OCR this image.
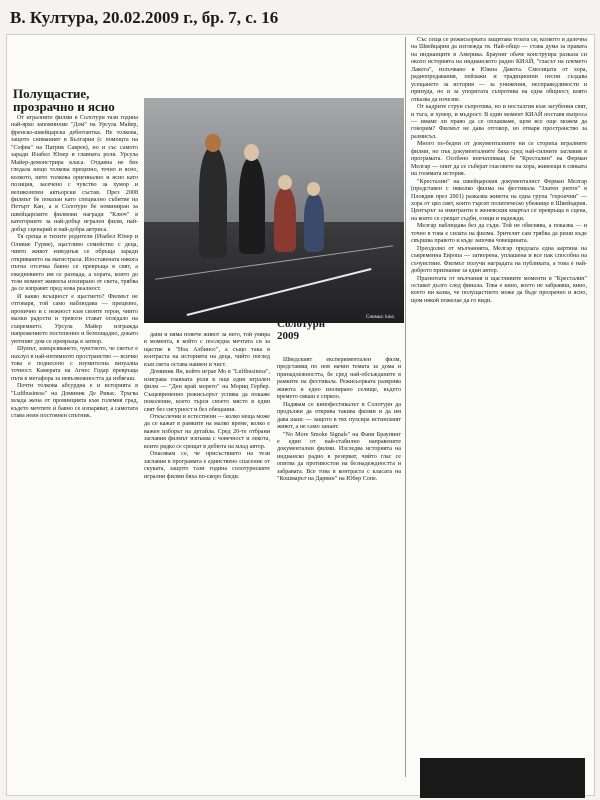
В. Култура, 20.02.2009 г., бр. 7, с. 16
Полущастие,
прозрачно и ясно

От игралните филми в Солотурн тази година най-ярко запомнихме "Дом" на Урсула Майер, френско-швейцарска дебютантка. Не толкова, защото сниманият в България (с помощта на "Софиа" на Патрик Саврев), но и със самото заради Изабел Юпер в главната роля. Урсула Майер-демонстрира класа. Отдавна не бях гледала нещо толкова прецизно, точно и ясно, колкото, нито толкова оригинално и ясно като позиция, засечено с чувство за хумор и великолепен актьорски състав. През 2008 филмът бе показан като специално събитие на Нетърт Кан, а в Солотурн бе номиниран за швейцарските филмови награди "Ключ" в категориите за най-добър игрален филм, най-добър сценарий и най-добра актриса.

Тя среща и тихите родители (Изабел Юпер и Оливие Гурме), щастливо семейство с деца, чиито живот изведнъж се обръща заради откриването на магистрала. Изоставената някога пътна отсечка бавно се превръща в свят, а ежедневието им се разпада, а хората, които до този момент живееха изолирано от света, трябва да се изправят пред нова реалност.

И какво всъщност е щастието? Филмът не отговаря, той само наблюдава — прецизно, иронично и с нежност към своите герои, чиито малки радости и тревоги стават огледало на съвремието. Урсула Майер изгражда напрежението постепенно и безпощадно, докато уютният дом се превръща в затвор.

Шумът, замърсяването, чувството, че светът е нахлул в най-интимното пространство — всичко това е поднесено с изумителна визуална точност. Камерата на Агнес Годар превръща пътя в метафора за невъзможността да избягаш.

Почти толкова абсурдна е и историята в "Luftbusiness" на Доминик Де Ривас. Тръгва млада жена от провинцията към големия град, където мечтите ѝ бавно се изпаряват, а самотата става неин постоянен спътник.

Снимка: kino

дани и няма повече живот за него, той умира в момента, в който с последна мечтата си за щастие в "Ноа Албинос", а също така в контраста на историята на деца, чийто поглед към света остава наивен и чист.

Доминик Ян, който играе Мо в "Luftbusiness", изиграва главната роля в още един игрален филм — "Ден край морето" на Мориц Гербер. Същевременно режисьорът успява да покаже поколение, което търси своето място в един свят без сигурност и без обещания.

Откъслечни и естествени — колко неща може да се кажат в рамките на малко време, колко е важен изборът на детайла. Сред 20-те отбрани заглавия филмът изпъква с човечност и лекота, които рядко се срещат в дебюта на млад автор.

Опасявам се, че присъствието на тези заглавия в програмата е единствено спасение от скуката, защото тази година солотурнските игрални филми бяха по-скоро бледи.

Солотурн'
2009

Шведският експериментален филм, представящ по нов начин темата за дома и принадлежността, бе сред най-обсъжданите в рамките на фестивала. Режисьорката разкрива живота в едно изолирано селище, където времето сякаш е спряло.

Надявам се кинофестивалът в Солотурн да продължи да открива такива филми и да им дава шанс — защото в тях пулсира истинският живот, а не само занаят.

"No More Smoke Signals" на Фани Браунинг е един от най-стабилно направените документални филми. Изследва историята на индианско радио в резерват, чийто глас се опитва да противостои на безнадеждността и забравата. Все това в контраста с класата на "Кошмарът на Дарвин" на Юбер Сопе.

Със сеща се режисьорката защитава тезата си, колкото и далечна на Швейцария да изглежда тя. Най-общо — става дума за правата на индианците в Америка. Брауниг обаче конструира разказа си около историята на индианското радио КИАЙ, "гласът на племето Лакота", излъчвано в Южна Дакота. Смесицата от хора, радиопредавания, пейзажи и традиционни песни създава усещането за история — за унижения, несправедливости и принуда, но и за упоритата съпротива на една общност, която отказва да изчезне.

От кадрите струи съпротива, но и носталгия към загубения свят, и тъга, и хумор, и мъдрост. В един момент КИАЙ поставя въпроса — имаме ли право да се оплакваме, щом все още можем да говорим? Филмът не дава отговор, но отваря пространство за размисъл.

Много по-бедни от документалните ни се сториха игралните филми, но пък документалните бяха сред най-силните заглавия в програмата. Особено впечатляващ бе "Кресталин" на Ферман Мелгар — опит да се съберат гласовете на хора, живеещи в сянката на голямата история.

"Кресталин" на швейцарския документалист Ферман Мелгар (представен с няколко филма на фестивала "Златен ритон" в Пловдив през 2001) разказва живота на една група "героични" — хора от цял свят, които търсят политическо убежище в Швейцария. Центърът за имигранти в женевския квартал се превръща в сцена, на която се срещат съдби, езици и надежди.

Мелгар наблюдава без да съди. Той не обяснява, а показва — и точно в това е силата на филма. Зрителят сам трябва да реши къде свършва правото и къде започва човещината.

Преодолял от мълчанията, Мелгар предлага една картина на съвременна Европа — затворена, уплашена и все пак способна на съчувствие. Филмът получи наградата на публиката, а това е най-доброто признание за един автор.

Празнотата от мълчания и щастливите моменти в "Кресталин" остават дълго след финала. Това е кино, което не забравяш, кино, което ни казва, че полущастието може да бъде прозрачно и ясно, щом някой пожелае да го види.
